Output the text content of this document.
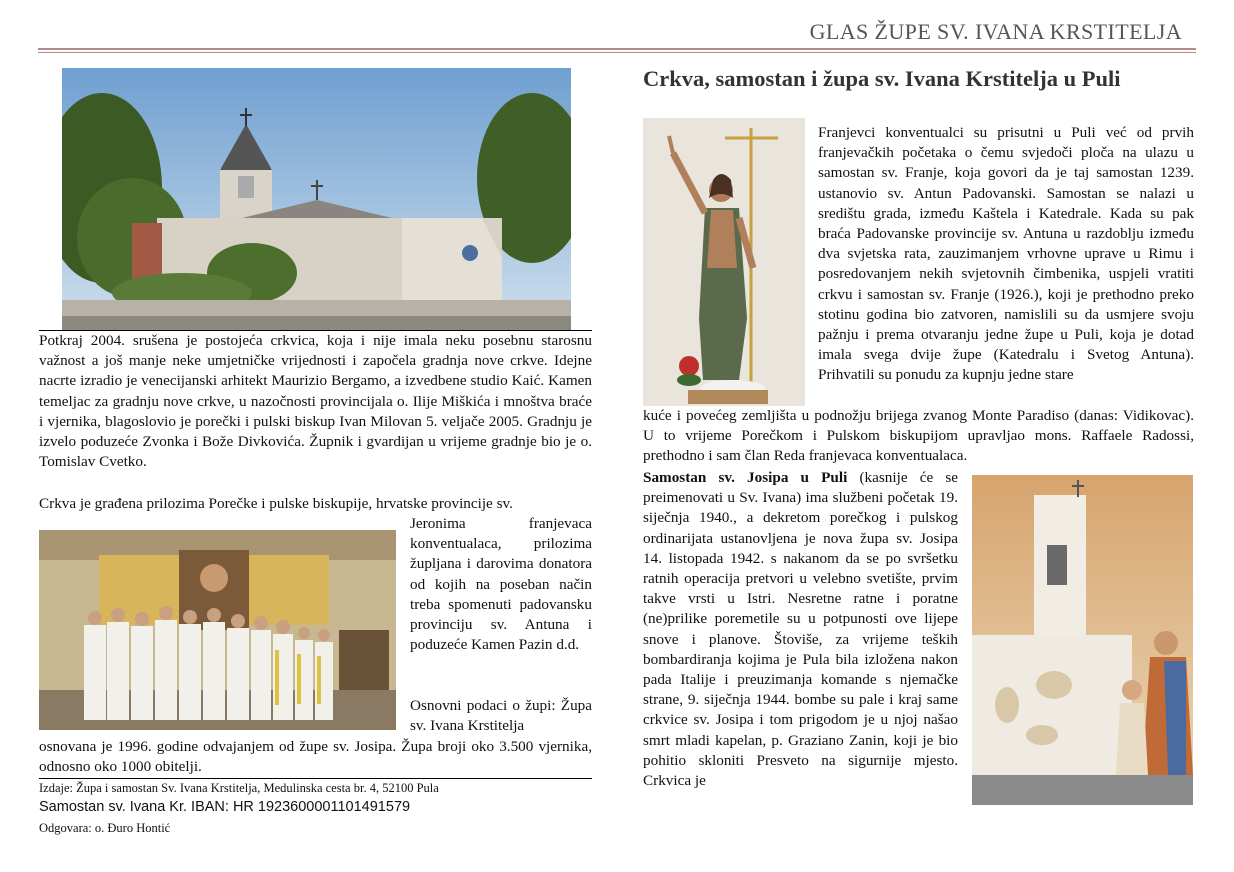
GLAS ŽUPE SV. IVANA KRSTITELJA

Potkraj 2004. srušena je postojeća crkvica, koja i nije imala neku posebnu starosnu važnost a još manje neke umjetničke vrijednosti i započela gradnja nove crkve. Idejne nacrte izradio je venecijanski arhitekt Maurizio Bergamo, a izvedbene studio Kaić. Kamen temeljac za gradnju nove crkve, u nazočnosti provincijala o. Ilije Miškića i mnoštva braće i vjernika, blagoslovio je porečki i pulski biskup Ivan Milovan 5. veljače 2005. Gradnju je izvelo poduzeće Zvonka i Bože Divkovića. Župnik i gvardijan u vrijeme gradnje bio je o. Tomislav Cvetko.

Crkva je građena prilozima Porečke i pulske biskupije, hrvatske provincije sv.

Jeronima franjevaca konventualaca, prilozima župljana i darovima donatora od kojih na poseban način treba spomenuti padovansku provinciju sv. Antuna i poduzeće Kamen Pazin d.d.

Osnovni podaci o župi: Župa sv. Ivana Krstitelja

osnovana je 1996. godine odvajanjem od župe sv. Josipa. Župa broji oko 3.500 vjernika, odnosno oko 1000 obitelji.

Izdaje: Župa i samostan Sv. Ivana Krstitelja, Medulinska cesta br. 4, 52100 Pula
Samostan sv. Ivana Kr. IBAN: HR 1923600001101491579
Odgovara: o. Đuro Hontić
Crkva, samostan i župa sv. Ivana Krstitelja u Puli

Franjevci konventualci su prisutni u Puli već od prvih franjevačkih početaka o čemu svjedoči ploča na ulazu u samostan sv. Franje, koja govori da je taj samostan 1239. ustanovio sv. Antun Padovanski. Samostan se nalazi u središtu grada, između Kaštela i Katedrale. Kada su pak braća Padovanske provincije sv. Antuna u razdoblju između dva svjetska rata, zauzimanjem vrhovne uprave u Rimu i posredovanjem nekih svjetovnih čimbenika, uspjeli vratiti crkvu i samostan sv. Franje (1926.), koji je prethodno preko stotinu godina bio zatvoren, namislili su da usmjere svoju pažnju i prema otvaranju jedne župe u Puli, koja je dotad imala svega dvije župe (Katedralu i Svetog Antuna). Prihvatili su ponudu za kupnju jedne stare

kuće i povećeg zemljišta u podnožju brijega zvanog Monte Paradiso (danas: Vidikovac). U to vrijeme Porečkom i Pulskom biskupijom upravljao mons. Raffaele Radossi, prethodno i sam član Reda franjevaca konventualaca.

Samostan sv. Josipa u Puli (kasnije će se preimenovati u Sv. Ivana) ima službeni početak 19. siječnja 1940., a dekretom porečkog i pulskog ordinarijata ustanovljena je nova župa sv. Josipa 14. listopada 1942. s nakanom da se po svršetku ratnih operacija pretvori u velebno svetište, prvim takve vrsti u Istri. Nesretne ratne i poratne (ne)prilike poremetile su u potpunosti ove lijepe snove i planove. Štoviše, za vrijeme teških bombardiranja kojima je Pula bila izložena nakon pada Italije i preuzimanja komande s njemačke strane, 9. siječnja 1944. bombe su pale i kraj same crkvice sv. Josipa i tom prigodom je u njoj našao smrt mladi kapelan, p. Graziano Zanin, koji je bio pohitio skloniti Presveto na sigurnije mjesto. Crkvica je
